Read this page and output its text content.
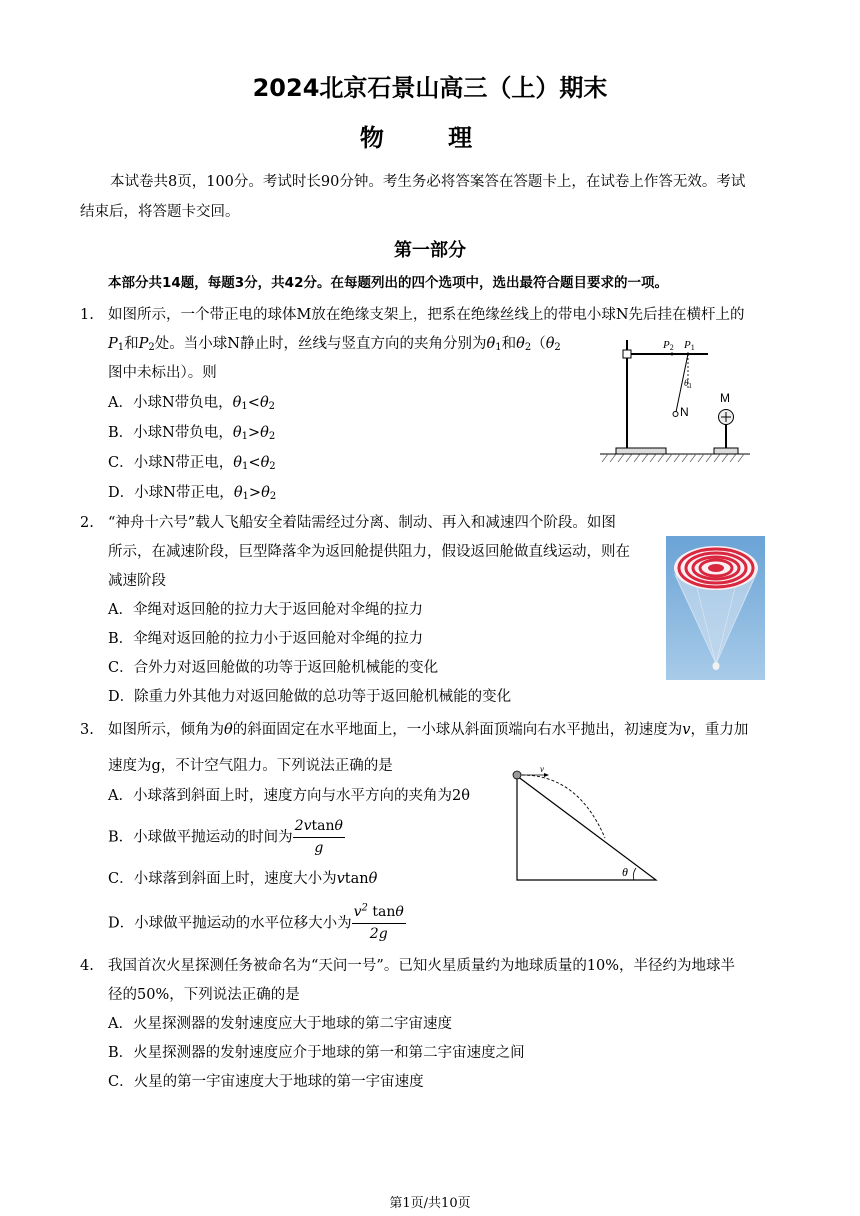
2024北京石景山高三（上）期末
物 理
本试卷共8页，100分。考试时长90分钟。考生务必将答案答在答题卡上，在试卷上作答无效。考试
结束后，将答题卡交回。
第一部分
本部分共14题，每题3分，共42分。在每题列出的四个选项中，选出最符合题目要求的一项。
1. 如图所示，一个带正电的球体M放在绝缘支架上，把系在绝缘丝线上的带电小球N先后挂在横杆上的
$P_1$和$P_2$处。当小球N静止时，丝线与竖直方向的夹角分别为$\theta_1$和$\theta_2(\theta_2$
图中未标出）。则
A．小球N带负电，$\theta_1<\theta_2$
B．小球N带负电，$\theta_1>\theta_2$
C．小球N带正电，$\theta_1<\theta_2$
D．小球N带正电，$\theta_1>\theta_2$
P2 P1
$\theta_1$
N
M
2. “神舟十六号”载人飞船安全着陆需经过分离、制动、再入和减速四个阶段。如图
所示，在减速阶段，巨型降落伞为返回舱提供阻力，假设返回舱做直线运动，则在
减速阶段
A．伞绳对返回舱的拉力大于返回舱对伞绳的拉力
B．伞绳对返回舱的拉力小于返回舱对伞绳的拉力
C．合外力对返回舱做的功等于返回舱机械能的变化
D．除重力外其他力对返回舱做的总功等于返回舱机械能的变化
3. 如图所示，倾角为θ的斜面固定在水平地面上，一小球从斜面顶端向右水平抛出，初速度为v，重力加
速度为g，不计空气阻力。下列说法正确的是
A．小球落到斜面上时，速度方向与水平方向的夹角为2θ
B．小球做平抛运动的时间为 $\frac{2vtan\theta}{g}$
C．小球落到斜面上时，速度大小为vtanθ
D．小球做平抛运动的水平位移大小为 $\frac{v^2 \tan\theta}{2g}$
v
θ
4. 我国首次火星探测任务被命名为“天问一号”。已知火星质量约为地球质量的10%，半径约为地球半
径的50%，下列说法正确的是
A．火星探测器的发射速度应大于地球的第二宇宙速度
B．火星探测器的发射速度应介于地球的第一和第二宇宙速度之间
C．火星的第一宇宙速度大于地球的第一宇宙速度
第1页/共10页
